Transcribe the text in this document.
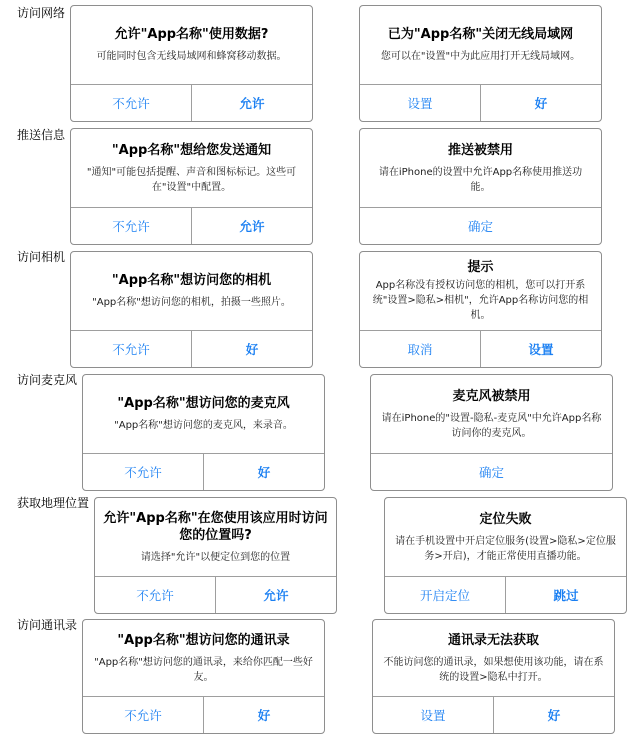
访问网络
推送信息
访问相机
访问麦克风
获取地理位置
访问通讯录
允许"App名称"使用数据?
可能同时包含无线局域网和蜂窝移动数据。
不允许	允许
已为"App名称"关闭无线局域网
您可以在"设置"中为此应用打开无线局域网。
设置	好
"App名称"想给您发送通知
"通知"可能包括提醒、声音和图标标记。这些可在"设置"中配置。
不允许	允许
推送被禁用
请在iPhone的设置中允许App名称使用推送功能。
确定
"App名称"想访问您的相机
"App名称"想访问您的相机，拍摄一些照片。
不允许	好
提示
App名称没有授权访问您的相机，您可以打开系统"设置>隐私>相机"，允许App名称访问您的相机。
取消	设置
"App名称"想访问您的麦克风
"App名称"想访问您的麦克风，来录音。
不允许	好
麦克风被禁用
请在iPhone的"设置-隐私-麦克风"中允许App名称访问你的麦克风。
确定
允许"App名称"在您使用该应用时访问您的位置吗?
请选择"允许"以便定位到您的位置
不允许	允许
定位失败
请在手机设置中开启定位服务(设置>隐私>定位服务>开启)，才能正常使用直播功能。
开启定位	跳过
"App名称"想访问您的通讯录
"App名称"想访问您的通讯录，来给你匹配一些好友。
不允许	好
通讯录无法获取
不能访问您的通讯录，如果想使用该功能，请在系统的设置>隐私中打开。
设置	好
